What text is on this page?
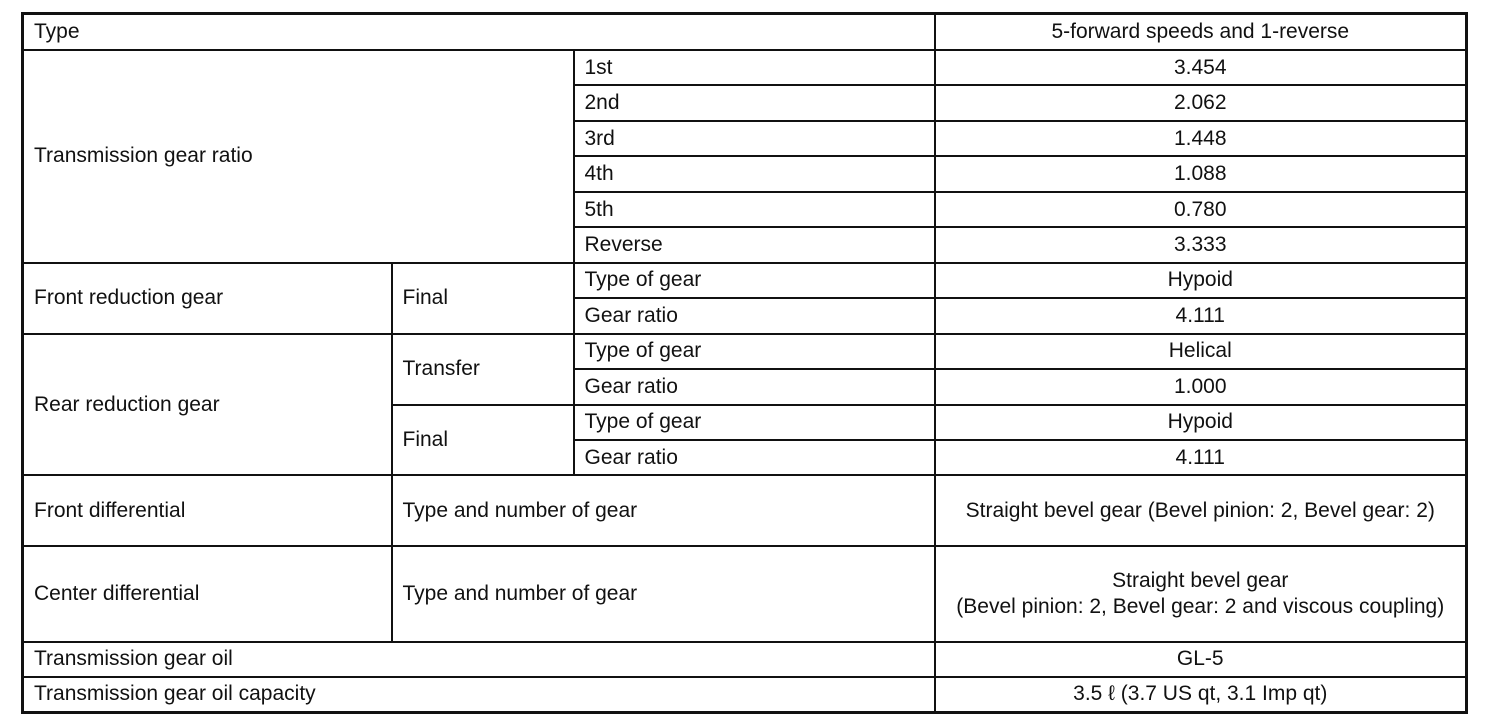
Type			5-forward speeds and 1-reverse
Transmission gear ratio		1st	3.454
		2nd	2.062
		3rd	1.448
		4th	1.088
		5th	0.780
		Reverse	3.333
Front reduction gear	Final	Type of gear	Hypoid
		Gear ratio	4.111
Rear reduction gear	Transfer	Type of gear	Helical
		Gear ratio	1.000
	Final	Type of gear	Hypoid
		Gear ratio	4.111
Front differential	Type and number of gear		Straight bevel gear (Bevel pinion: 2, Bevel gear: 2)
Center differential	Type and number of gear		Straight bevel gear
(Bevel pinion: 2, Bevel gear: 2 and viscous coupling)

Transmission gear oil			GL-5
Transmission gear oil capacity			3.5 ℓ (3.7 US qt, 3.1 Imp qt)
